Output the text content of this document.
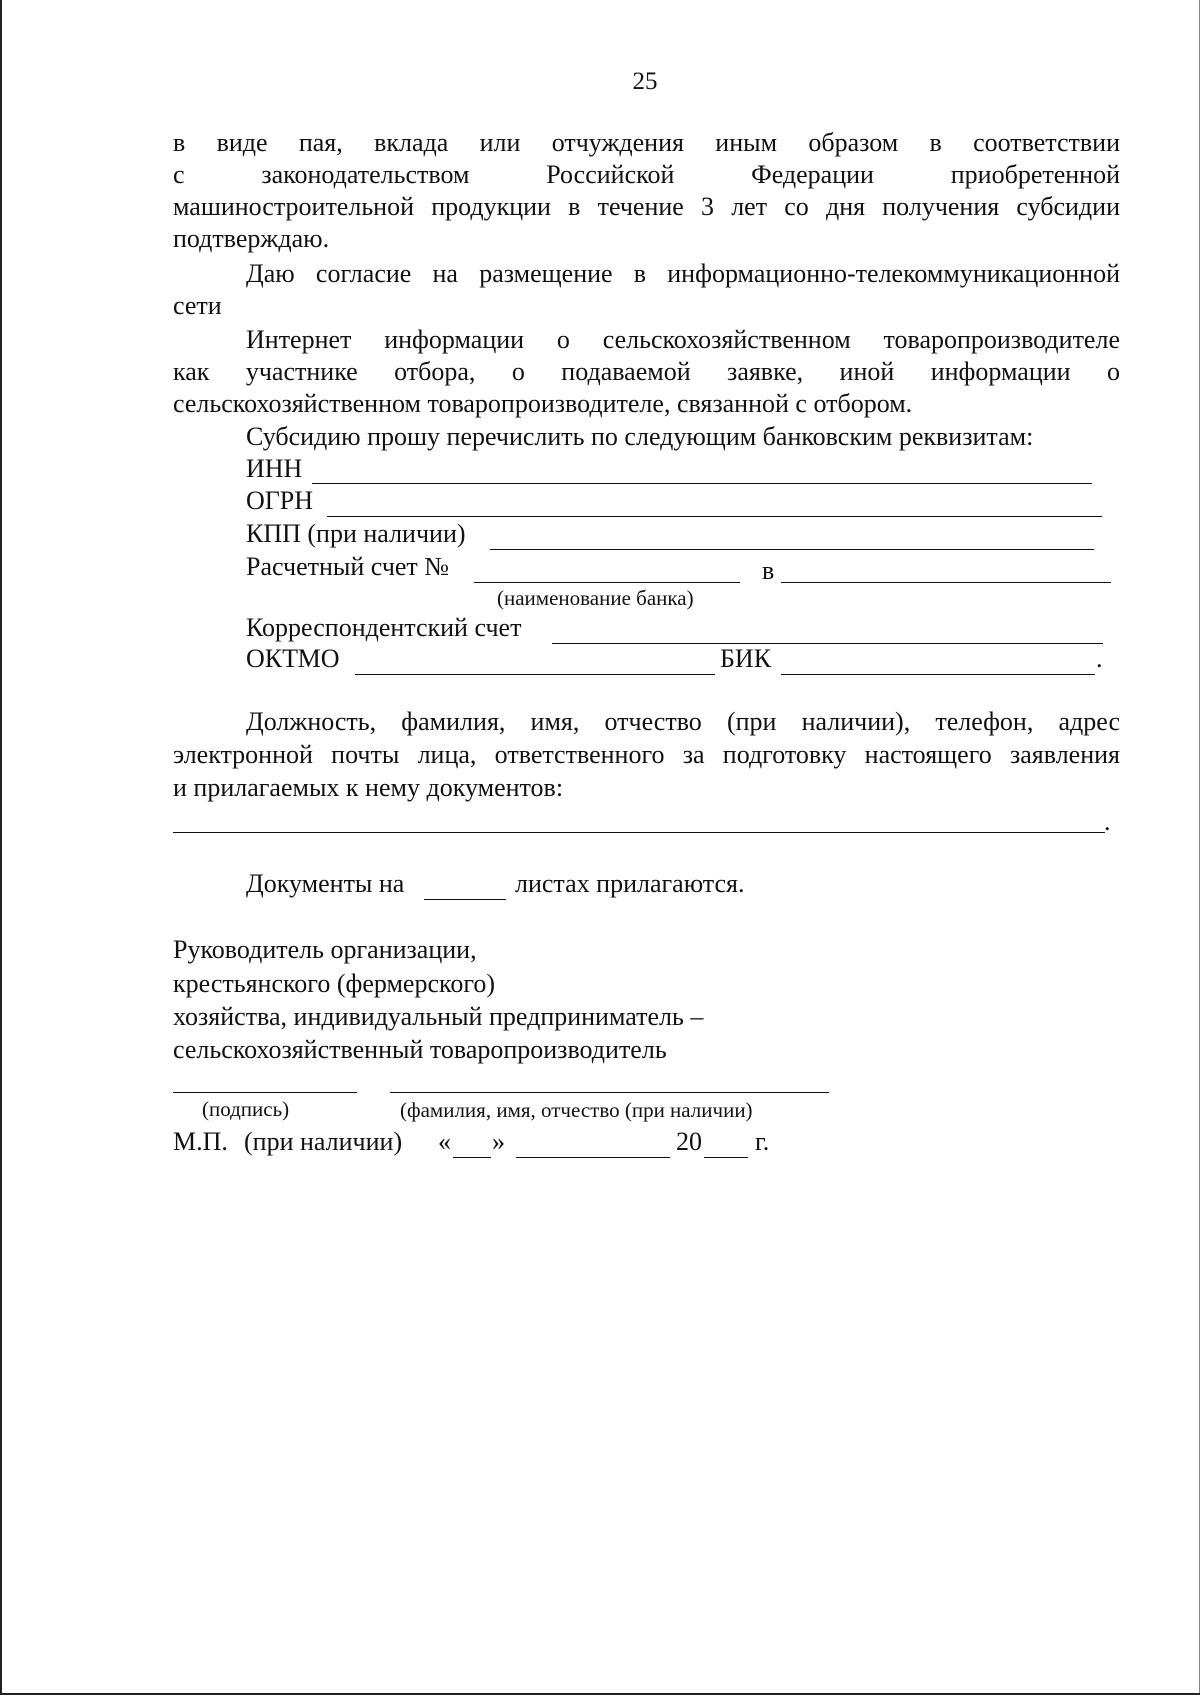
25
в виде пая, вклада или отчуждения иным образом в соответствии
с законодательством Российской Федерации приобретенной
машиностроительной продукции в течение 3 лет со дня получения субсидии
подтверждаю.
Даю согласие на размещение в информационно-телекоммуникационной
сети
Интернет информации о сельскохозяйственном товаропроизводителе
как участнике отбора, о подаваемой заявке, иной информации о
сельскохозяйственном товаропроизводителе, связанной с отбором.
Субсидию прошу перечислить по следующим банковским реквизитам:
ИНН
ОГРН
КПП (при наличии)
Расчетный счет №	в
(наименование банка)
Корреспондентский счет
ОКТМО	БИК	.
Должность, фамилия, имя, отчество (при наличии), телефон, адрес
электронной почты лица, ответственного за подготовку настоящего заявления
и прилагаемых к нему документов:
.
Документы на	листах прилагаются.
Руководитель организации,
крестьянского (фермерского)
хозяйства, индивидуальный предприниматель –
сельскохозяйственный товаропроизводитель
(подпись)	(фамилия, имя, отчество (при наличии)
М.П. (при наличии) « »	20 г.
